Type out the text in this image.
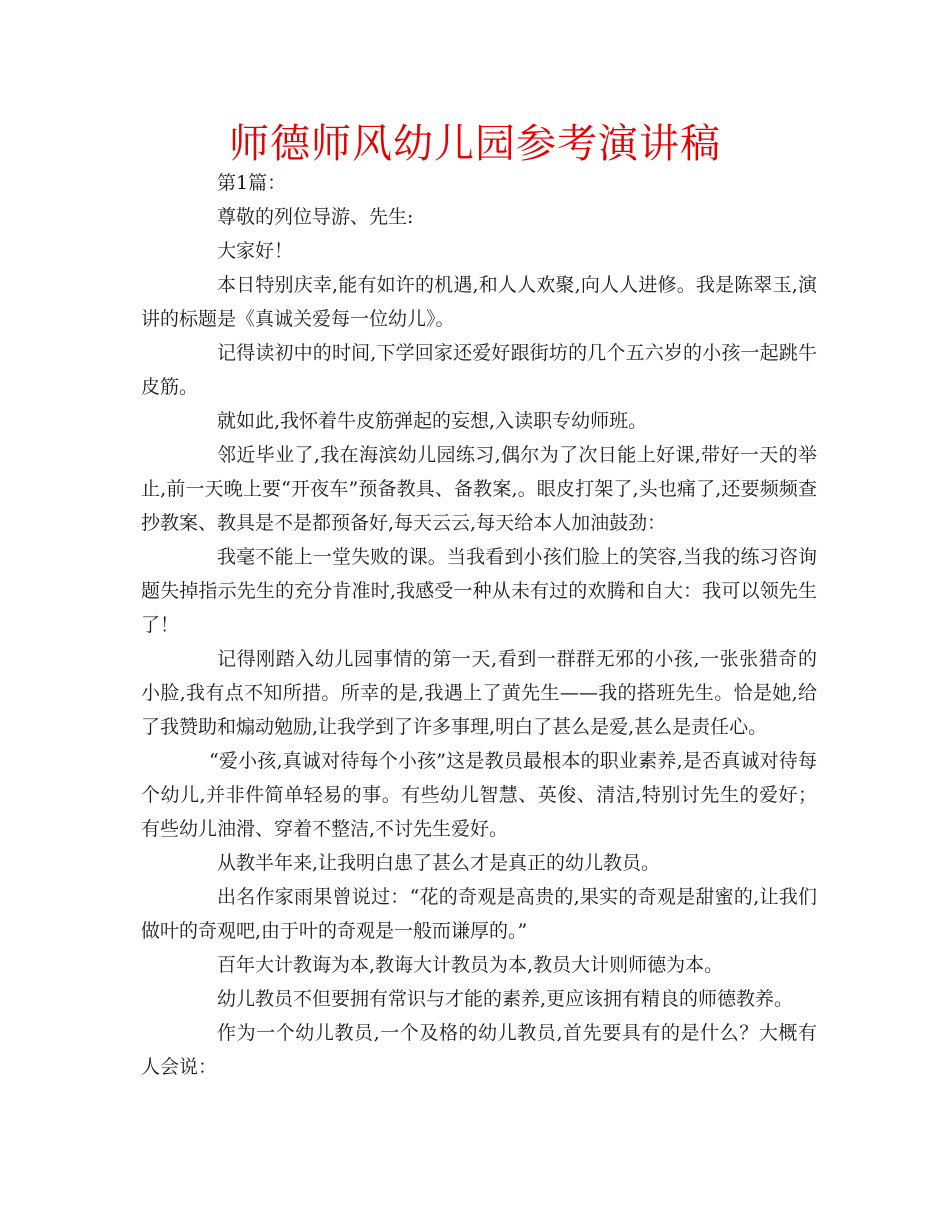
师德师风幼儿园参考演讲稿

第1篇：

尊敬的列位导游、先生:

大家好！

本日特别庆幸,能有如许的机遇,和人人欢聚,向人人进修。我是陈翠玉,演讲的标题是《真诚关爱每一位幼儿》。

记得读初中的时间,下学回家还爱好跟街坊的几个五六岁的小孩一起跳牛皮筋。

就如此,我怀着牛皮筋弹起的妄想,入读职专幼师班。

邻近毕业了,我在海滨幼儿园练习,偶尔为了次日能上好课,带好一天的举止,前一天晚上要“开夜车”预备教具、备教案,。眼皮打架了,头也痛了,还要频频查抄教案、教具是不是都预备好,每天云云,每天给本人加油鼓劲：

我毫不能上一堂失败的课。当我看到小孩们脸上的笑容,当我的练习咨询题失掉指示先生的充分肯准时,我感受一种从未有过的欢腾和自大：我可以领先生了！

记得刚踏入幼儿园事情的第一天,看到一群群无邪的小孩,一张张猎奇的小脸,我有点不知所措。所幸的是,我遇上了黄先生——我的搭班先生。恰是她,给了我赞助和煽动勉励,让我学到了许多事理,明白了甚么是爱,甚么是责任心。

“爱小孩,真诚对待每个小孩”这是教员最根本的职业素养,是否真诚对待每个幼儿,并非件简单轻易的事。有些幼儿智慧、英俊、清洁,特别讨先生的爱好；有些幼儿油滑、穿着不整洁,不讨先生爱好。

从教半年来,让我明白患了甚么才是真正的幼儿教员。

出名作家雨果曾说过：“花的奇观是高贵的,果实的奇观是甜蜜的,让我们做叶的奇观吧,由于叶的奇观是一般而谦厚的。”

百年大计教诲为本,教诲大计教员为本,教员大计则师德为本。

幼儿教员不但要拥有常识与才能的素养,更应该拥有精良的师德教养。

作为一个幼儿教员,一个及格的幼儿教员,首先要具有的是什么？大概有人会说：
